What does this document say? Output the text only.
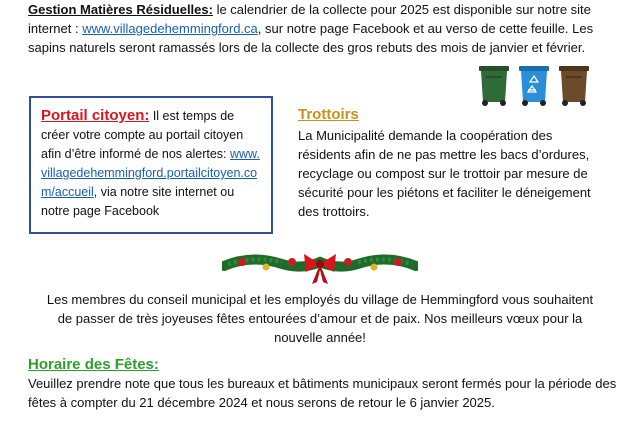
Gestion Matières Résiduelles: le calendrier de la collecte pour 2025 est disponible sur notre site internet : www.villagedehemmingford.ca, sur notre page Facebook et au verso de cette feuille. Les sapins naturels seront ramassés lors de la collecte des gros rebuts des mois de janvier et février.
Portail citoyen: Il est temps de créer votre compte au portail citoyen afin d’être informé de nos alertes: www.villagedehemmingford.portailcitoyen.com/accueil, via notre site internet ou notre page Facebook
Trottoirs
La Municipalité demande la coopération des résidents afin de ne pas mettre les bacs d’ordures, recyclage ou compost sur le trottoir par mesure de sécurité pour les piétons et faciliter le déneigement des trottoirs.
Les membres du conseil municipal et les employés du village de Hemmingford vous souhaitent de passer de très joyeuses fêtes entourées d’amour et de paix. Nos meilleurs vœux pour la nouvelle année!
Horaire des Fêtes:
Veuillez prendre note que tous les bureaux et bâtiments municipaux seront fermés pour la période des fêtes à compter du 21 décembre 2024 et nous serons de retour le 6 janvier 2025.
